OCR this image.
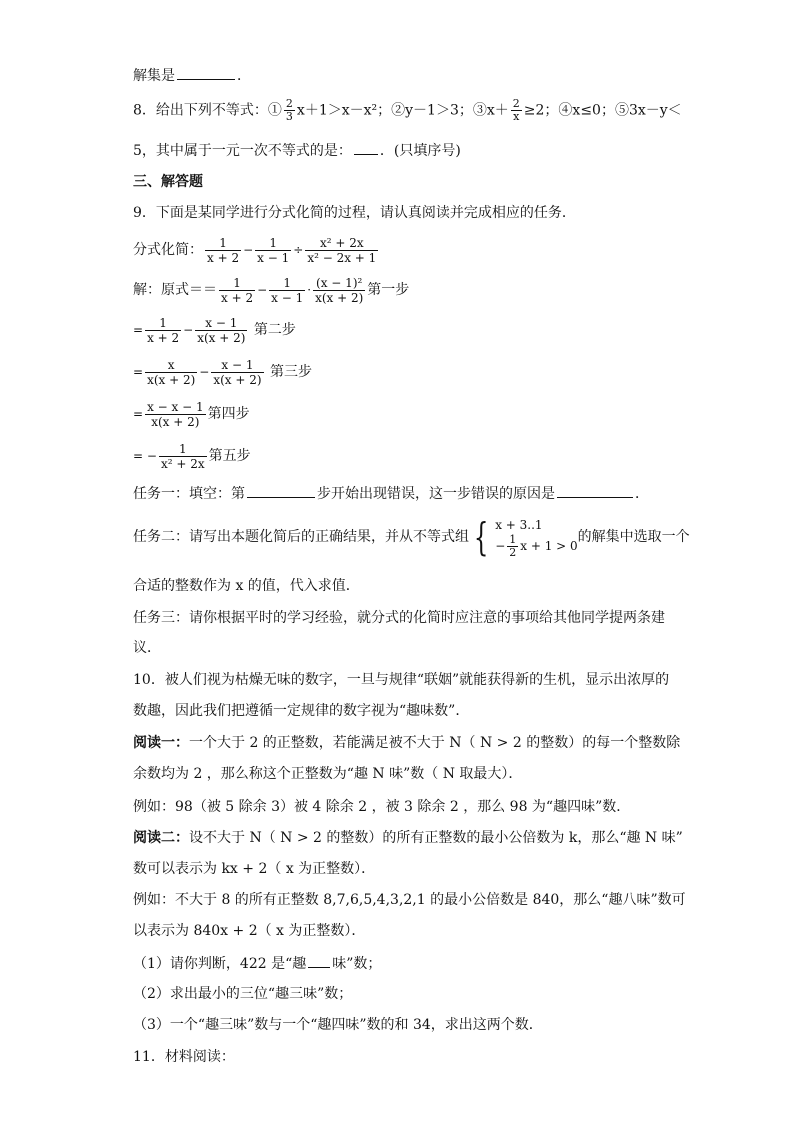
解集是	．
8．给出下列不等式：① $\frac{2}{3} x+1>x-x^2$；②y－1＞3；③x＋ $\frac{2}{x} \ge 2$；④x≤0；⑤3x－y＜
5，其中属于一元一次不等式的是： ．(只填序号)
三、解答题
9．下面是某同学进行分式化简的过程，请认真阅读并完成相应的任务．
分式化简： $\frac{1}{x + 2} - \frac{1}{x - 1} \div \frac{\text{x² + 2x}}{\text{x² − 2x + 1}}$
解：原式＝＝ $\frac{1}{x + 2} - \frac{1}{x - 1} \cdot \frac{\text{(x − 1)²}}{x(x + 2)}$ 第一步
= $\frac{1}{x + 2} - \frac{x - 1}{x(x + 2)}$ 第二步
= $\frac{x}{x(x + 2)} - \frac{x - 1}{x(x + 2)}$ 第三步
= $\frac{x - x - 1}{x(x + 2)}$ 第四步
= − $\frac{1}{\text{x² + 2x}}$ 第五步
任务一：填空：第	步开始出现错误，这一步错误的原因是	．
任务二：请写出本题化简后的正确结果，并从不等式组 { x + 3..1
− $\frac{1}{2}$ x + 1 > 0
的解集中选取一个
合适的整数作为 x 的值，代入求值．
任务三：请你根据平时的学习经验，就分式的化简时应注意的事项给其他同学提两条建
议．
10．被人们视为枯燥无味的数字，一旦与规律“联姻”就能获得新的生机，显示出浓厚的
数趣，因此我们把遵循一定规律的数字视为“趣味数”．
阅读一：一个大于 2 的正整数，若能满足被不大于 N（ N > 2 的整数）的每一个整数除
余数均为 2 ，那么称这个正整数为“趣 N 味”数（ N 取最大）．
例如：98（被 5 除余 3）被 4 除余 2 ，被 3 除余 2 ，那么 98 为“趣四味”数．
阅读二：设不大于 N（ N > 2 的整数）的所有正整数的最小公倍数为 k，那么“趣 N 味”
数可以表示为 kx + 2（ x 为正整数）．
例如：不大于 8 的所有正整数 8,7,6,5,4,3,2,1 的最小公倍数是 840，那么“趣八味”数可
以表示为 840x + 2（ x 为正整数）．
（1）请你判断，422 是“趣 味”数；
（2）求出最小的三位“趣三味”数；
（3）一个“趣三味”数与一个“趣四味”数的和 34，求出这两个数．
11．材料阅读：
